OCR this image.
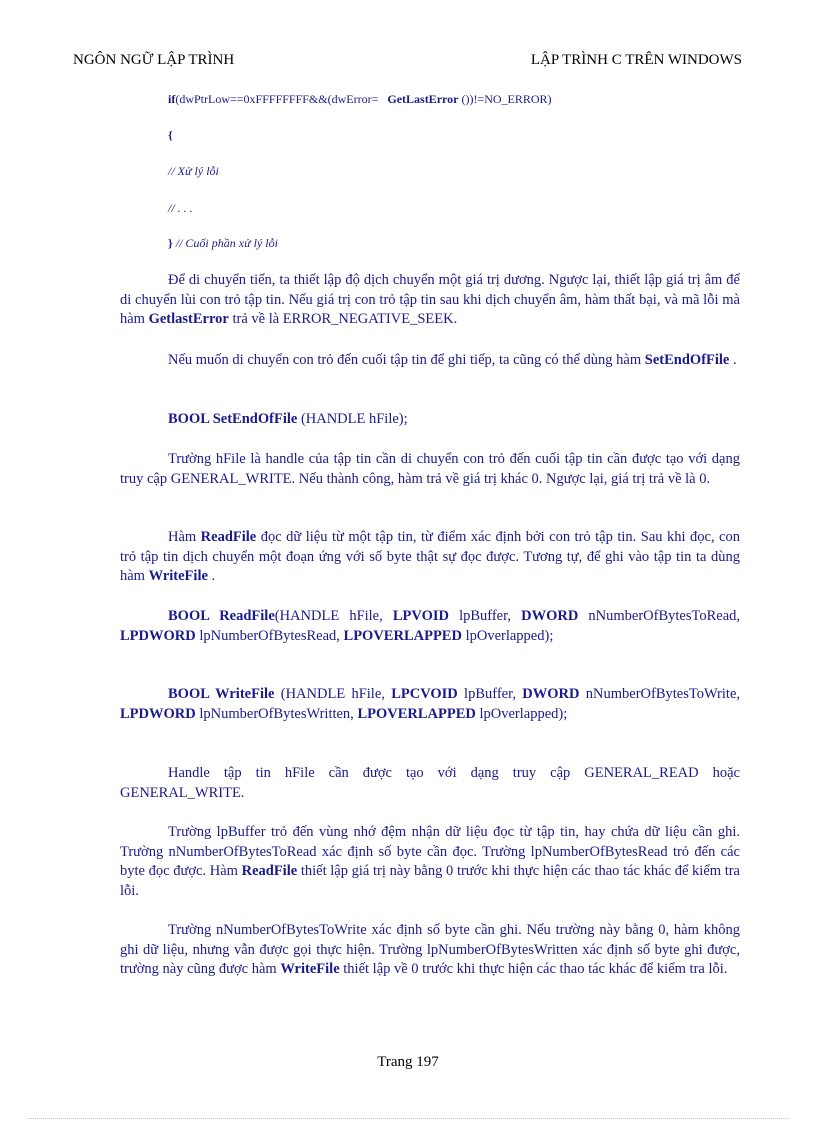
NGÔN NGỮ LẬP TRÌNH	LẬP TRÌNH C TRÊN WINDOWS
if(dwPtrLow==0xFFFFFFFF&&(dwError= GetLastError ())!=NO_ERROR)
{
// Xử lý lỗi
// . . .
} // Cuối phần xử lý lỗi

Để di chuyển tiến, ta thiết lập độ dịch chuyển một giá trị dương. Ngược lại, thiết lập giá trị âm để di chuyển lùi con trỏ tập tin. Nếu giá trị con trỏ tập tin sau khi dịch chuyển âm, hàm thất bại, và mã lỗi mà hàm GetlastError trả về là ERROR_NEGATIVE_SEEK.

Nếu muốn di chuyển con trỏ đến cuối tập tin để ghi tiếp, ta cũng có thể dùng hàm SetEndOfFile .

BOOL SetEndOfFile (HANDLE hFile);

Trường hFile là handle của tập tin cần di chuyển con trỏ đến cuối tập tin cần được tạo với dạng truy cập GENERAL_WRITE. Nếu thành công, hàm trả về giá trị khác 0. Ngược lại, giá trị trả về là 0.

Hàm ReadFile đọc dữ liệu từ một tập tin, từ điểm xác định bởi con trỏ tập tin. Sau khi đọc, con trỏ tập tin dịch chuyển một đoạn ứng với số byte thật sự đọc được. Tương tự, để ghi vào tập tin ta dùng hàm WriteFile .

BOOL ReadFile(HANDLE hFile, LPVOID lpBuffer, DWORD nNumberOfBytesToRead, LPDWORD lpNumberOfBytesRead, LPOVERLAPPED lpOverlapped);

BOOL WriteFile (HANDLE hFile, LPCVOID lpBuffer, DWORD nNumberOfBytesToWrite, LPDWORD lpNumberOfBytesWritten, LPOVERLAPPED lpOverlapped);

Handle tập tin hFile cần được tạo với dạng truy cập GENERAL_READ hoặc GENERAL_WRITE.

Trường lpBuffer trỏ đến vùng nhớ đệm nhận dữ liệu đọc từ tập tin, hay chứa dữ liệu cần ghi. Trường nNumberOfBytesToRead xác định số byte cần đọc. Trường lpNumberOfBytesRead trỏ đến các byte đọc được. Hàm ReadFile thiết lập giá trị này bằng 0 trước khi thực hiện các thao tác khác để kiểm tra lỗi.

Trường nNumberOfBytesToWrite xác định số byte cần ghi. Nếu trường này bằng 0, hàm không ghi dữ liệu, nhưng vẫn được gọi thực hiện. Trường lpNumberOfBytesWritten xác định số byte ghi được, trường này cũng được hàm WriteFile thiết lập về 0 trước khi thực hiện các thao tác khác để kiểm tra lỗi.

Trang 197
